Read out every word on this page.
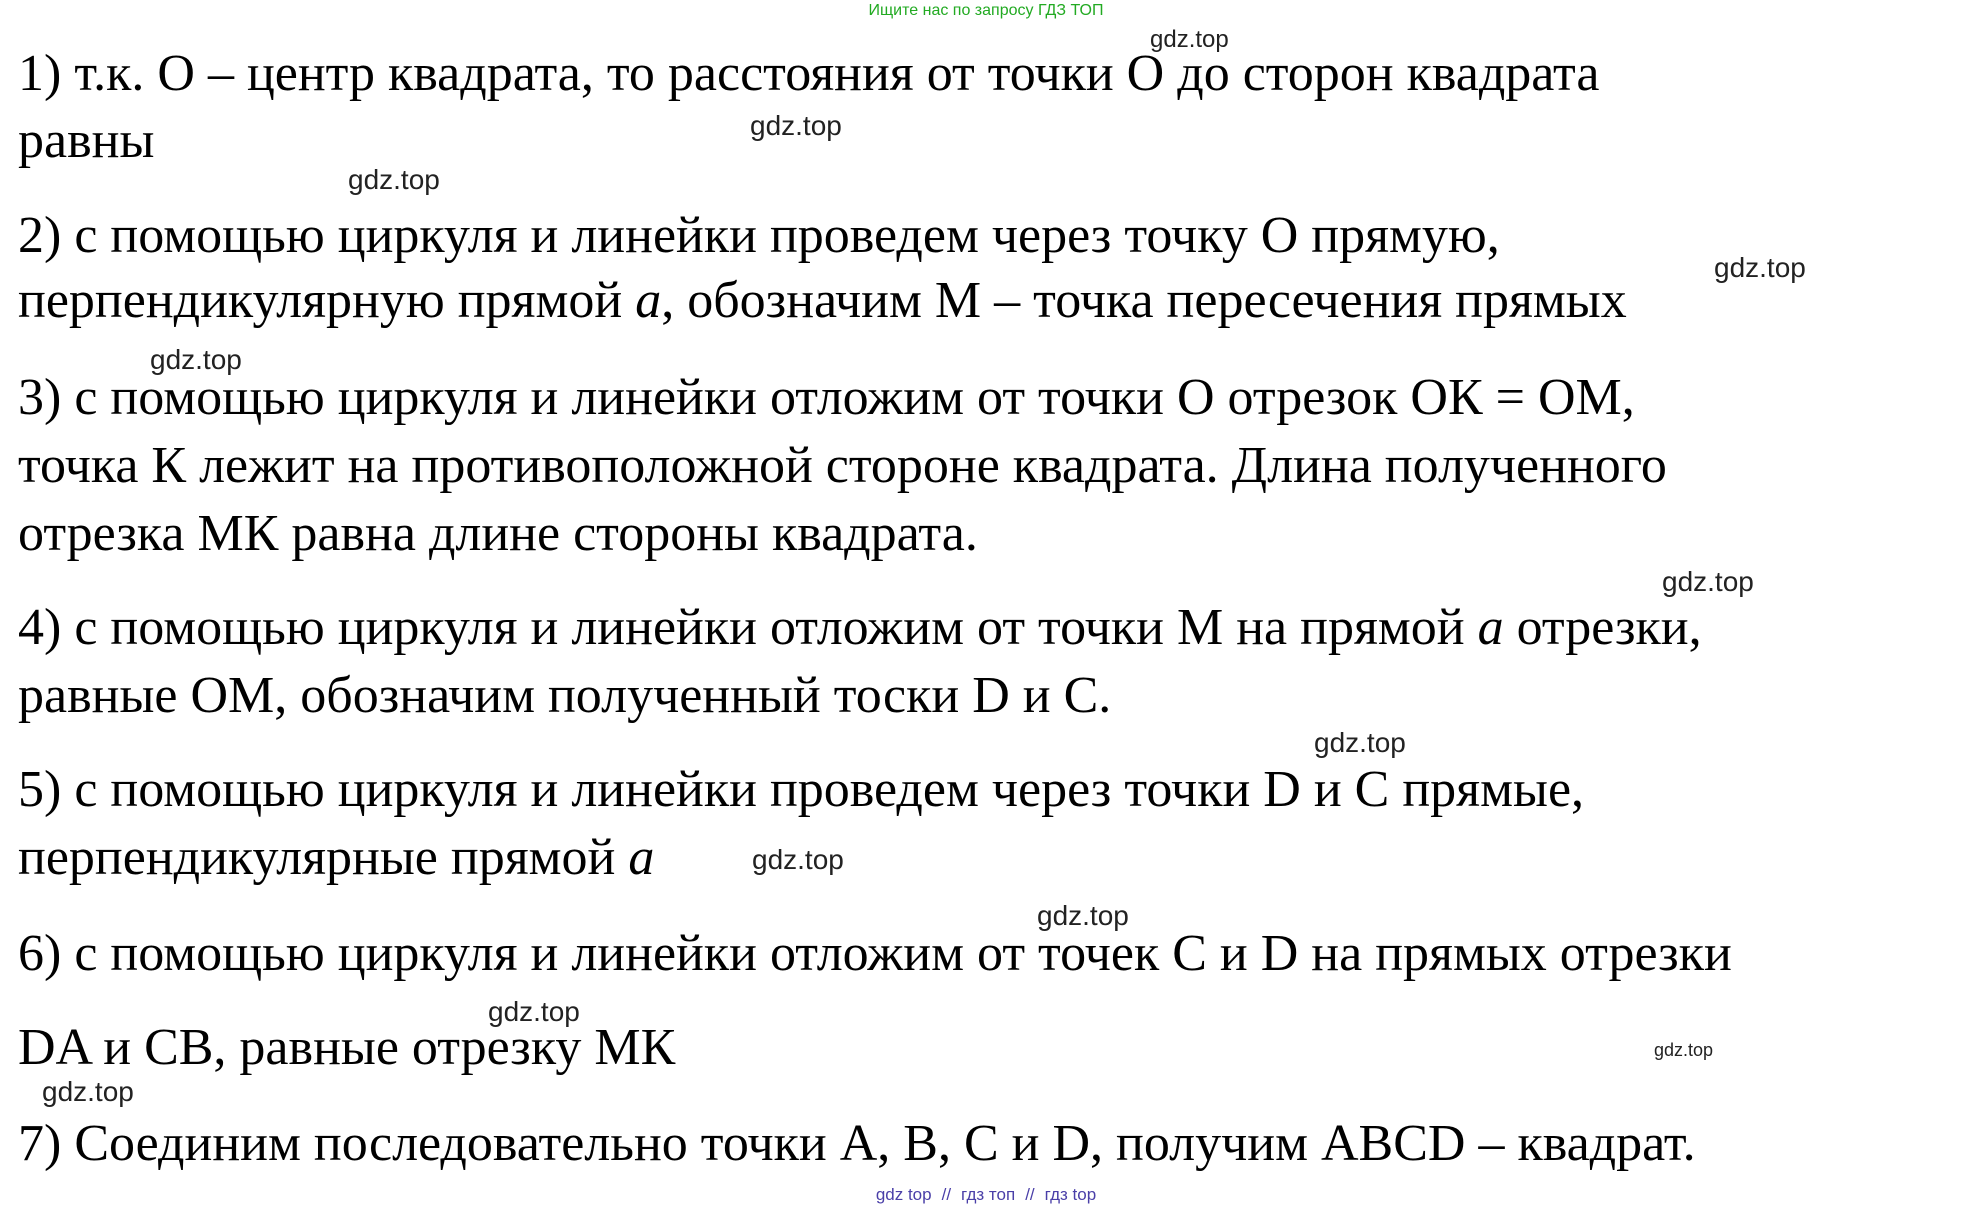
Ищите нас по запросу ГДЗ ТОП
1) т.к. О – центр квадрата, то расстояния от точки О до сторон квадрата
равны
2) с помощью циркуля и линейки проведем через точку О прямую,
перпендикулярную прямой a, обозначим М – точка пересечения прямых
3) с помощью циркуля и линейки отложим от точки О отрезок ОК = ОМ,
точка К лежит на противоположной стороне квадрата. Длина полученного
отрезка МК равна длине стороны квадрата.
4) с помощью циркуля и линейки отложим от точки М на прямой a отрезки,
равные ОМ, обозначим полученный тоски D и С.
5) с помощью циркуля и линейки проведем через точки D и С прямые,
перпендикулярные прямой a
6) с помощью циркуля и линейки отложим от точек С и D на прямых отрезки
DA и CB, равные отрезку МК
7) Соединим последовательно точки А, В, С и D, получим ABCD – квадрат.
gdz.top
gdz.top
gdz.top
gdz.top
gdz.top
gdz.top
gdz.top
gdz.top
gdz.top
gdz.top
gdz.top
gdz.top
gdz top // гдз топ // гдз top
